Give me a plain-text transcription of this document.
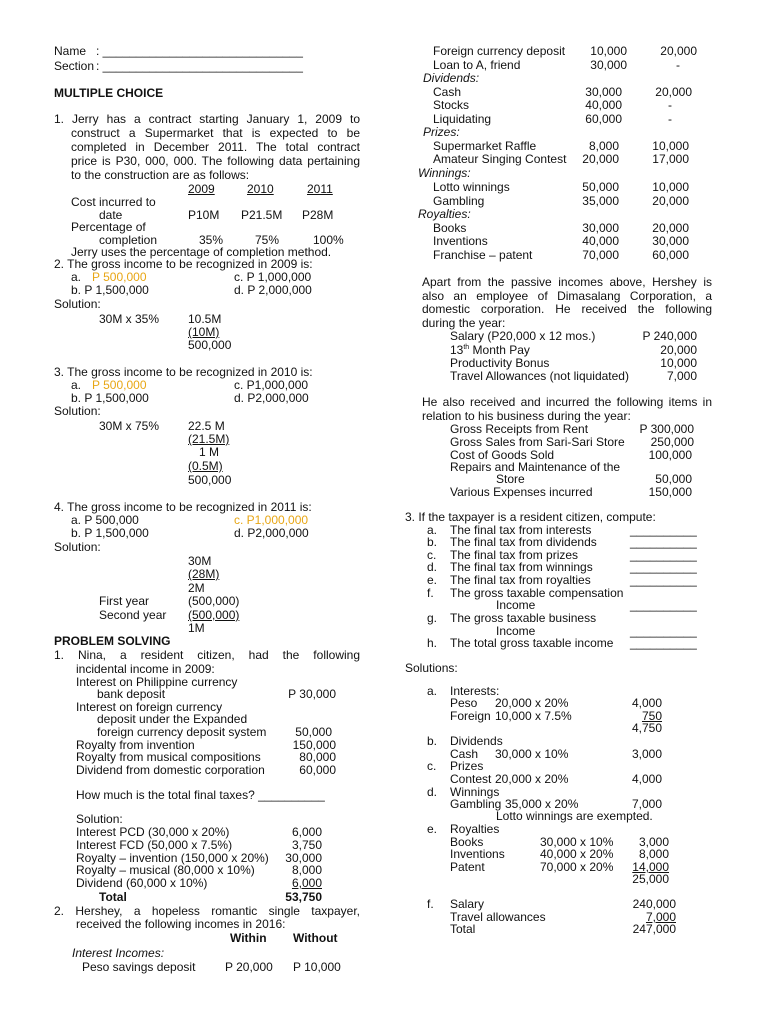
Name : ______________________________
Section : ______________________________
MULTIPLE CHOICE
1. Jerry has a contract starting January 1, 2009 to
construct a Supermarket that is expected to be
completed in December 2011. The total contract
price is P30, 000, 000. The following data pertaining
to the construction are as follows:
2009	2010	2011
Cost incurred to
date	P10M P21.5M P28M
Percentage of
completion	35%	75%	100%
Jerry uses the percentage of completion method.
2. The gross income to be recognized in 2009 is:
a. P 500,000	c. P 1,000,000
b. P 1,500,000	d. P 2,000,000
Solution:
30M x 35% 10.5M
(10M)
500,000
3. The gross income to be recognized in 2010 is:
a. P 500,000	c. P1,000,000
b. P 1,500,000	d. P2,000,000
Solution:
30M x 75% 22.5 M
(21.5M)
1 M
(0.5M)
500,000
4. The gross income to be recognized in 2011 is:
a. P 500,000	c. P1,000,000
b. P 1,500,000	d. P2,000,000
Solution:
30M
(28M)
2M
First year	(500,000)
Second year (500,000)
1M
PROBLEM SOLVING
1. Nina, a resident citizen, had the following
incidental income in 2009:
Interest on Philippine currency
bank deposit	P 30,000
Interest on foreign currency
deposit under the Expanded
foreign currency deposit system	50,000
Royalty from invention	150,000
Royalty from musical compositions	80,000
Dividend from domestic corporation	60,000
How much is the total final taxes? __________
Solution:
Interest PCD (30,000 x 20%)	6,000
Interest FCD (50,000 x 7.5%)	3,750
Royalty – invention (150,000 x 20%)	30,000
Royalty – musical (80,000 x 10%)	8,000
Dividend (60,000 x 10%)	6,000
Total	53,750
2. Hershey, a hopeless romantic single taxpayer,
received the following incomes in 2016:
Within Without
Interest Incomes:
Peso savings deposit P 20,000 P 10,000
Foreign currency deposit	10,000	20,000
Loan to A, friend	30,000	-
Dividends:
Cash	30,000	20,000
Stocks	40,000	-
Liquidating	60,000	-
Prizes:
Supermarket Raffle	8,000	10,000
Amateur Singing Contest	20,000	17,000
Winnings:
Lotto winnings	50,000	10,000
Gambling	35,000	20,000
Royalties:
Books	30,000	20,000
Inventions	40,000	30,000
Franchise – patent	70,000	60,000
Apart from the passive incomes above, Hershey is
also an employee of Dimasalang Corporation, a
domestic corporation. He received the following
during the year:
Salary (P20,000 x 12 mos.)	P 240,000
13th Month Pay	20,000
Productivity Bonus	10,000
Travel Allowances (not liquidated)	7,000
He also received and incurred the following items in
relation to his business during the year:
Gross Receipts from Rent	P 300,000
Gross Sales from Sari-Sari Store	250,000
Cost of Goods Sold	100,000
Repairs and Maintenance of the
Store	50,000
Various Expenses incurred	150,000
3. If the taxpayer is a resident citizen, compute:
a. The final tax from interests	__________
b. The final tax from dividends	__________
c. The final tax from prizes	__________
d. The final tax from winnings	__________
e. The final tax from royalties	__________
f. The gross taxable compensation
Income	__________
g. The gross taxable business
Income	__________
h. The total gross taxable income __________
Solutions:
a. Interests:
Peso 20,000 x 20%	4,000
Foreign 10,000 x 7.5%	750
4,750
b. Dividends
Cash 30,000 x 10%	3,000
c. Prizes
Contest 20,000 x 20%	4,000
d. Winnings
Gambling 35,000 x 20%	7,000
Lotto winnings are exempted.
e. Royalties
Books	30,000 x 10%	3,000
Inventions	40,000 x 20%	8,000
Patent	70,000 x 20%	14,000
25,000
f. Salary	240,000
Travel allowances	7,000
Total	247,000
